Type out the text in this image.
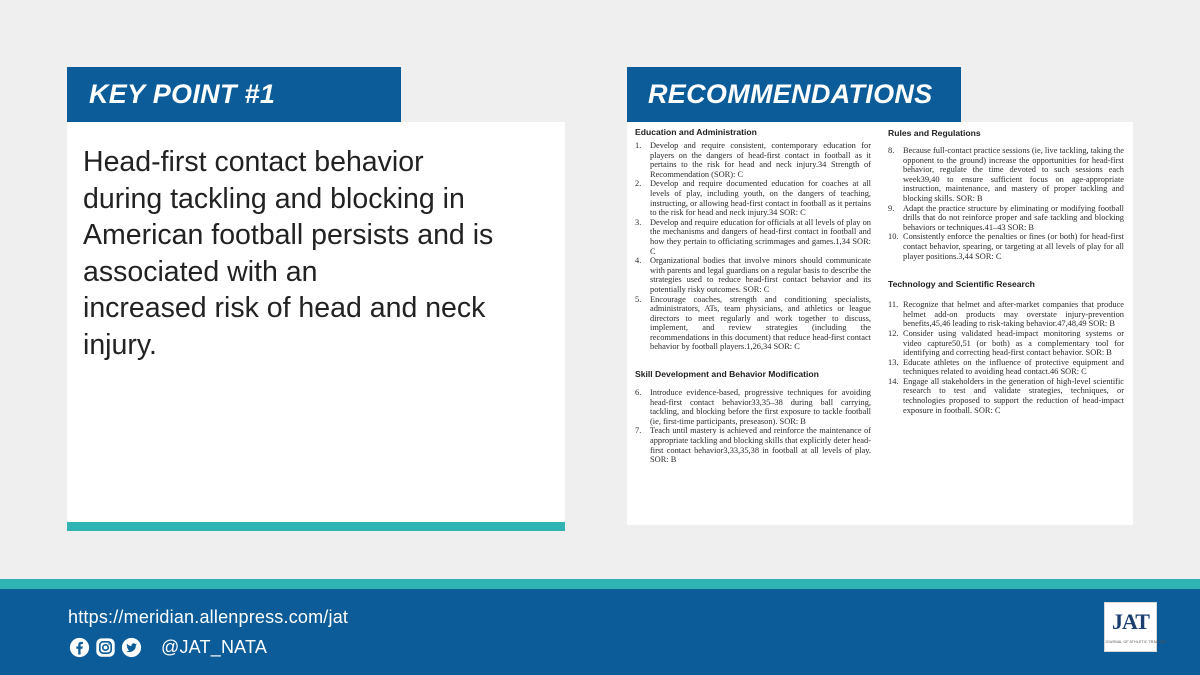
KEY POINT #1

Head-first contact behavior
during tackling and blocking in
American football persists and is
associated with an
increased risk of head and neck
injury.

RECOMMENDATIONS
Education and Administration
1. Develop and require consistent, contemporary education for players on the dangers of head-first contact in football as it pertains to the risk for head and neck injury.34 Strength of Recommendation (SOR): C
2. Develop and require documented education for coaches at all levels of play, including youth, on the dangers of teaching, instructing, or allowing head-first contact in football as it pertains to the risk for head and neck injury.34 SOR: C
3. Develop and require education for officials at all levels of play on the mechanisms and dangers of head-first contact in football and how they pertain to officiating scrimmages and games.1,34 SOR: C
4. Organizational bodies that involve minors should communicate with parents and legal guardians on a regular basis to describe the strategies used to reduce head-first contact behavior and its potentially risky outcomes. SOR: C
5. Encourage coaches, strength and conditioning specialists, administrators, ATs, team physicians, and athletics or league directors to meet regularly and work together to discuss, implement, and review strategies (including the recommendations in this document) that reduce head-first contact behavior by football players.1,26,34 SOR: C
Skill Development and Behavior Modification
6. Introduce evidence-based, progressive techniques for avoiding head-first contact behavior33,35–38 during ball carrying, tackling, and blocking before the first exposure to tackle football (ie, first-time participants, preseason). SOR: B
7. Teach until mastery is achieved and reinforce the maintenance of appropriate tackling and blocking skills that explicitly deter head-first contact behavior3,33,35,38 in football at all levels of play. SOR: B
Rules and Regulations
8. Because full-contact practice sessions (ie, live tackling, taking the opponent to the ground) increase the opportunities for head-first behavior, regulate the time devoted to such sessions each week39,40 to ensure sufficient focus on age-appropriate instruction, maintenance, and mastery of proper tackling and blocking skills. SOR: B
9. Adapt the practice structure by eliminating or modifying football drills that do not reinforce proper and safe tackling and blocking behaviors or techniques.41–43 SOR: B
10. Consistently enforce the penalties or fines (or both) for head-first contact behavior, spearing, or targeting at all levels of play for all player positions.3,44 SOR: C
Technology and Scientific Research
11. Recognize that helmet and after-market companies that produce helmet add-on products may overstate injury-prevention benefits,45,46 leading to risk-taking behavior.47,48,49 SOR: B
12. Consider using validated head-impact monitoring systems or video capture50,51 (or both) as a complementary tool for identifying and correcting head-first contact behavior. SOR: B
13. Educate athletes on the influence of protective equipment and techniques related to avoiding head contact.46 SOR: C
14. Engage all stakeholders in the generation of high-level scientific research to test and validate strategies, techniques, or technologies proposed to support the reduction of head-impact exposure in football. SOR: C
https://meridian.allenpress.com/jat
@JAT_NATA
JAT
JOURNAL OF ATHLETIC TRAINING
